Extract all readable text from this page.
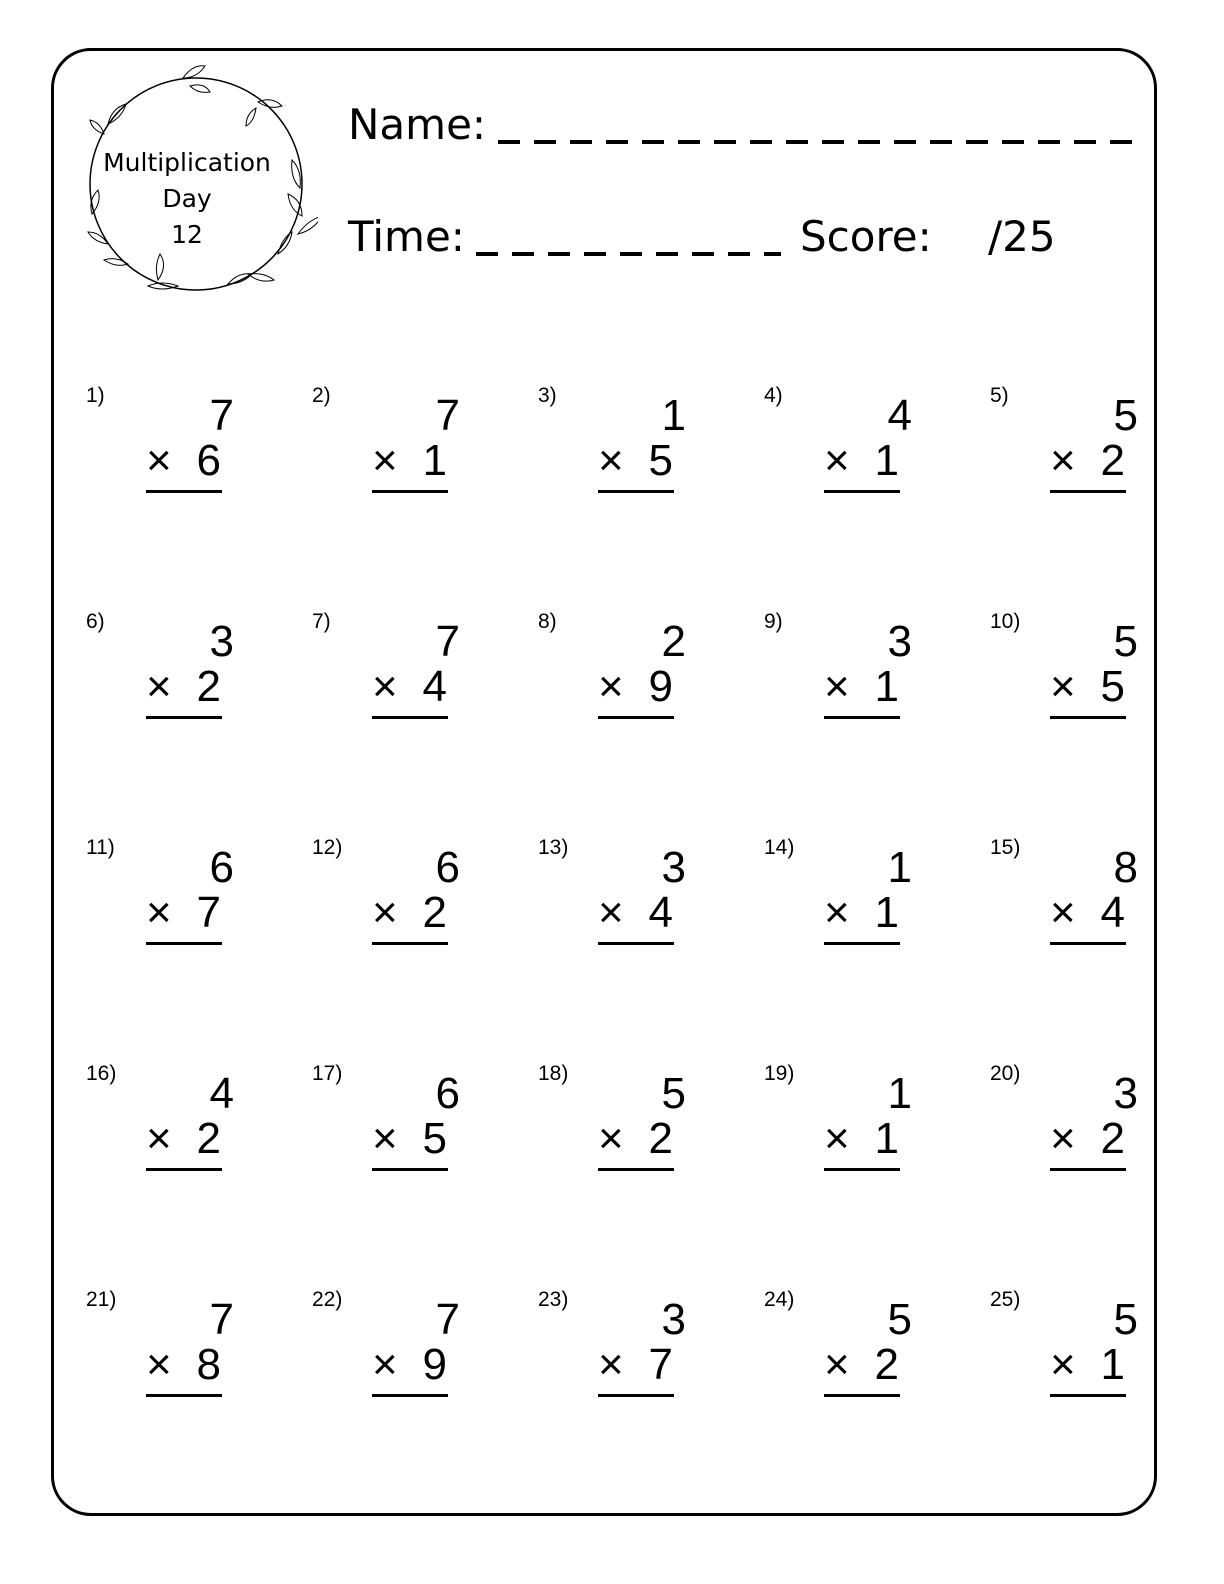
Multiplication
Day
12
Name:
Time:	Score: /25
1) 7
× 6
2) 7
× 1
3) 1
× 5
4) 4
× 1
5) 5
× 2
6) 3
× 2
7) 7
× 4
8) 2
× 9
9) 3
× 1
10) 5
× 5
11) 6
× 7
12) 6
× 2
13) 3
× 4
14) 1
× 1
15) 8
× 4
16) 4
× 2
17) 6
× 5
18) 5
× 2
19) 1
× 1
20) 3
× 2
21) 7
× 8
22) 7
× 9
23) 3
× 7
24) 5
× 2
25) 5
× 1
